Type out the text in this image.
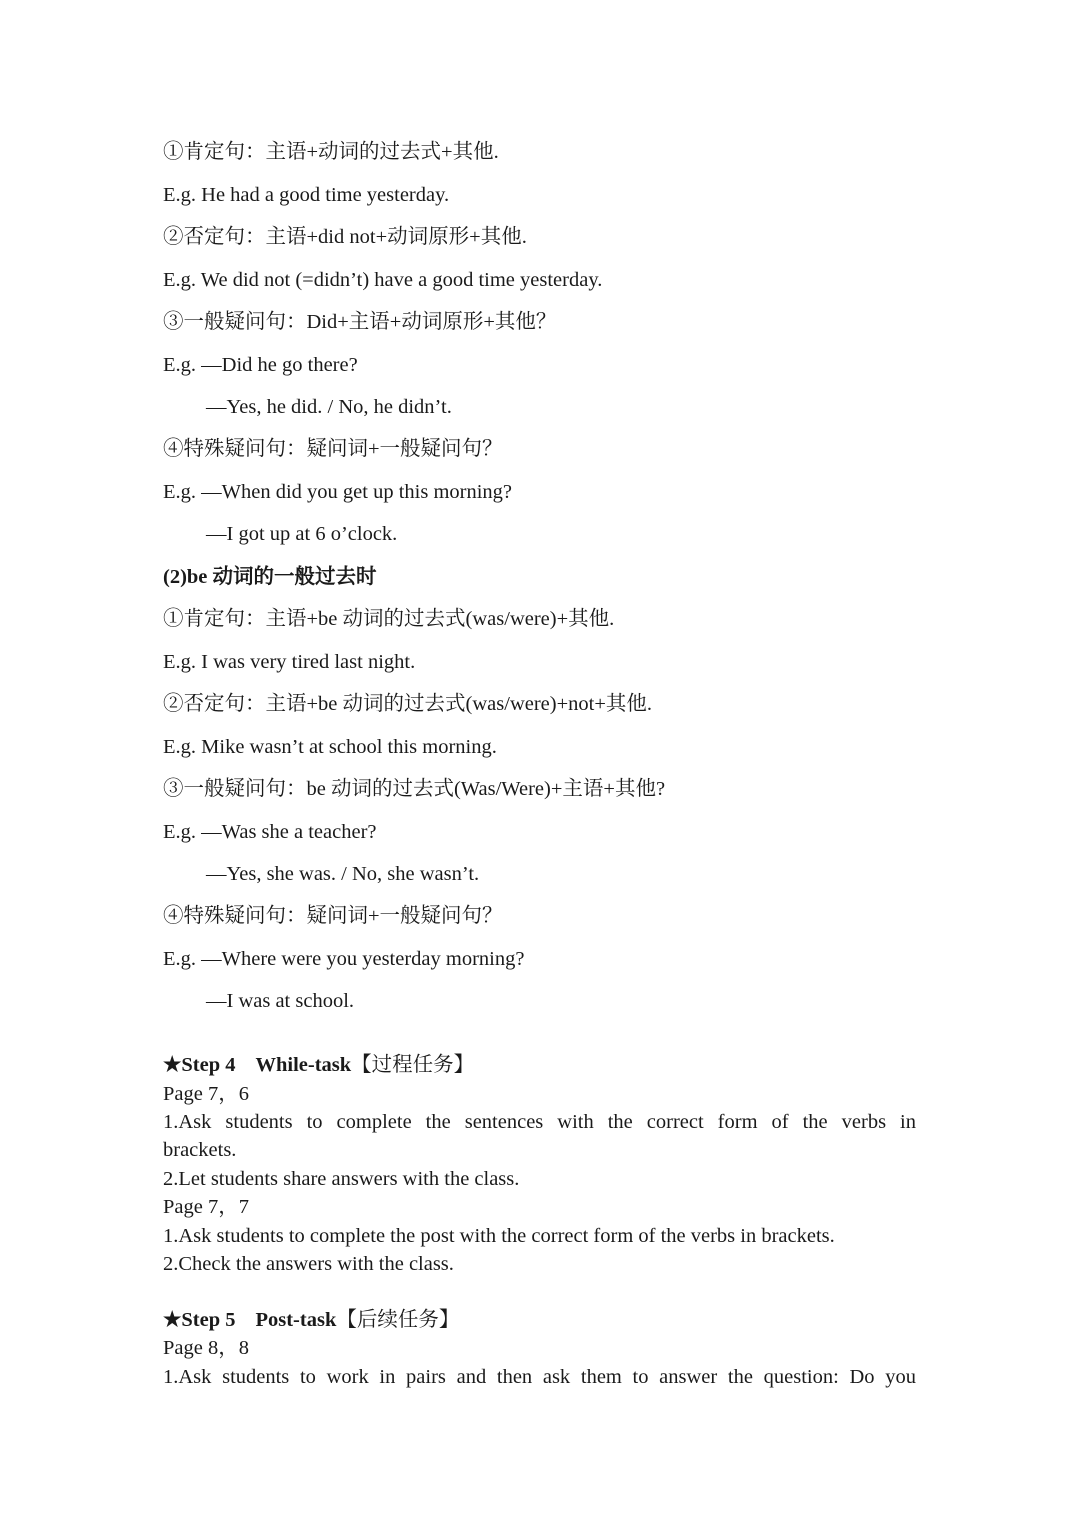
①肯定句：主语+动词的过去式+其他.
E.g. He had a good time yesterday.
②否定句：主语+did not+动词原形+其他.
E.g. We did not (=didn’t) have a good time yesterday.
③一般疑问句：Did+主语+动词原形+其他？
E.g. —Did he go there?
—Yes, he did. / No, he didn’t.
④特殊疑问句：疑问词+一般疑问句？
E.g. —When did you get up this morning?
—I got up at 6 o’clock.
(2)be 动词的一般过去时
①肯定句：主语+be 动词的过去式(was/were)+其他.
E.g. I was very tired last night.
②否定句：主语+be 动词的过去式(was/were)+not+其他.
E.g. Mike wasn’t at school this morning.
③一般疑问句：be 动词的过去式(Was/Were)+主语+其他?
E.g. —Was she a teacher?
—Yes, she was. / No, she wasn’t.
④特殊疑问句：疑问词+一般疑问句？
E.g. —Where were you yesterday morning?
—I was at school.
★Step 4 While-task【过程任务】
Page 7，6
1.Ask students to complete the sentences with the correct form of the verbs in
brackets.
2.Let students share answers with the class.
Page 7，7
1.Ask students to complete the post with the correct form of the verbs in brackets.
2.Check the answers with the class.
★Step 5 Post-task【后续任务】
Page 8，8
1.Ask students to work in pairs and then ask them to answer the question: Do you
